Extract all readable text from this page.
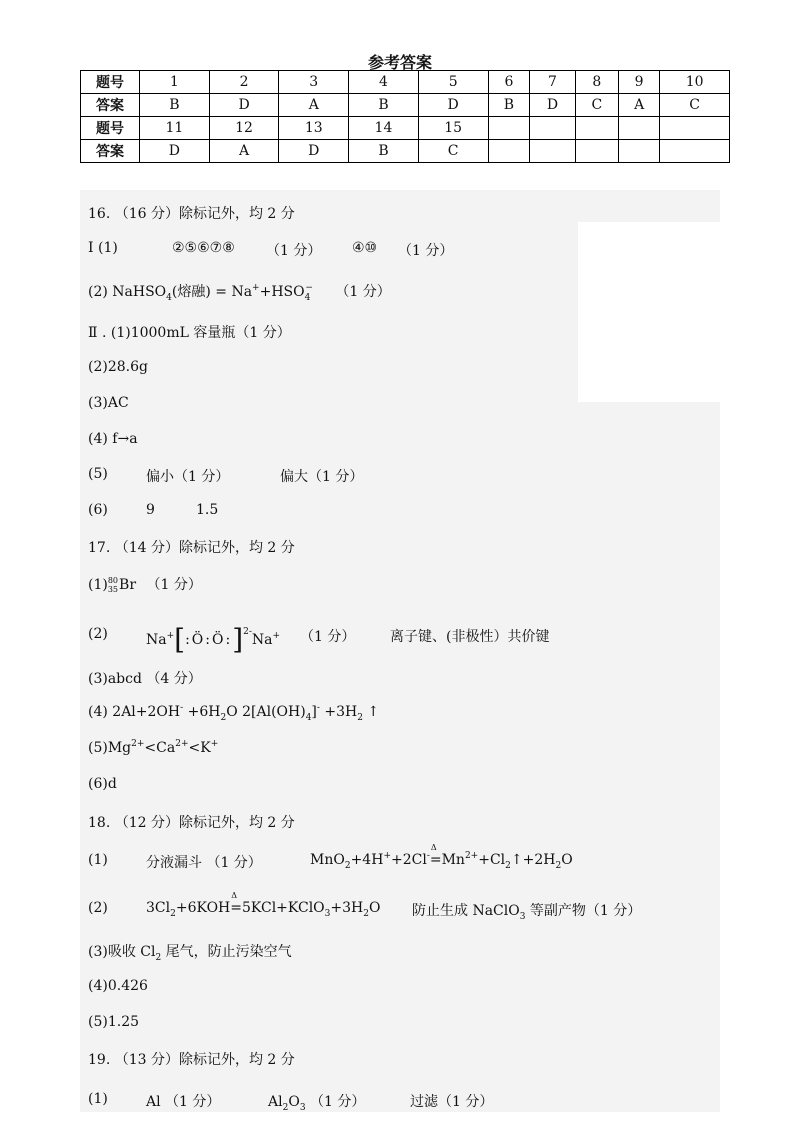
参考答案
题号	1	2	3	4	5	6	7	8	9	10
答案	B	D	A	B	D	B	D	C	A	C
题号	11	12	13	14	15					
答案	D	A	D	B	C					
16. （16 分）除标记外，均 2 分
Ⅰ (1)	②⑤⑥⑦⑧ （1 分） ④⑩ （1 分）
(2) NaHSO$_4$(熔融) = $Na^++HSO_4^-$ （1 分）
Ⅱ . (1)1000mL 容量瓶（1 分）
(2)28.6g
(3)AC
(4) f→a
(5)	偏小（1 分）	偏大（1 分）
(6)	9	1.5
17. （14 分）除标记外，均 2 分
(1)80
35Br （1 分）
(2)	Na+[:Ö:Ö:]$^{2-}$Na+ （1 分） 离子键、(非极性）共价键
(3)abcd （4 分）
(4) $2Al+2OH^- +6H_2O$ $2[Al(OH)_4]^- +3H_2$ ↑
$(5)Mg^{2+}<Ca^{2+}<K^+$
(6)d
18. （12 分）除标记外，均 2 分
(1)	分液漏斗 （1 分）	MnO$_2$+4H++2Cl-
Δ
$=Mn^{2+}+Cl_2↑+2H_2O$
(2)	$3Cl_2+6KOH$
Δ
$=5KCl+KClO_3+3H_2O$ 防止生成 NaClO$_3$ 等副产物（1 分）
(3)吸收 $Cl_2$ 尾气，防止污染空气
(4)0.426
(5)1.25
19. （13 分）除标记外，均 2 分
(1)	Al （1 分）	$Al_2O_3$ （1 分）	过滤（1 分）
